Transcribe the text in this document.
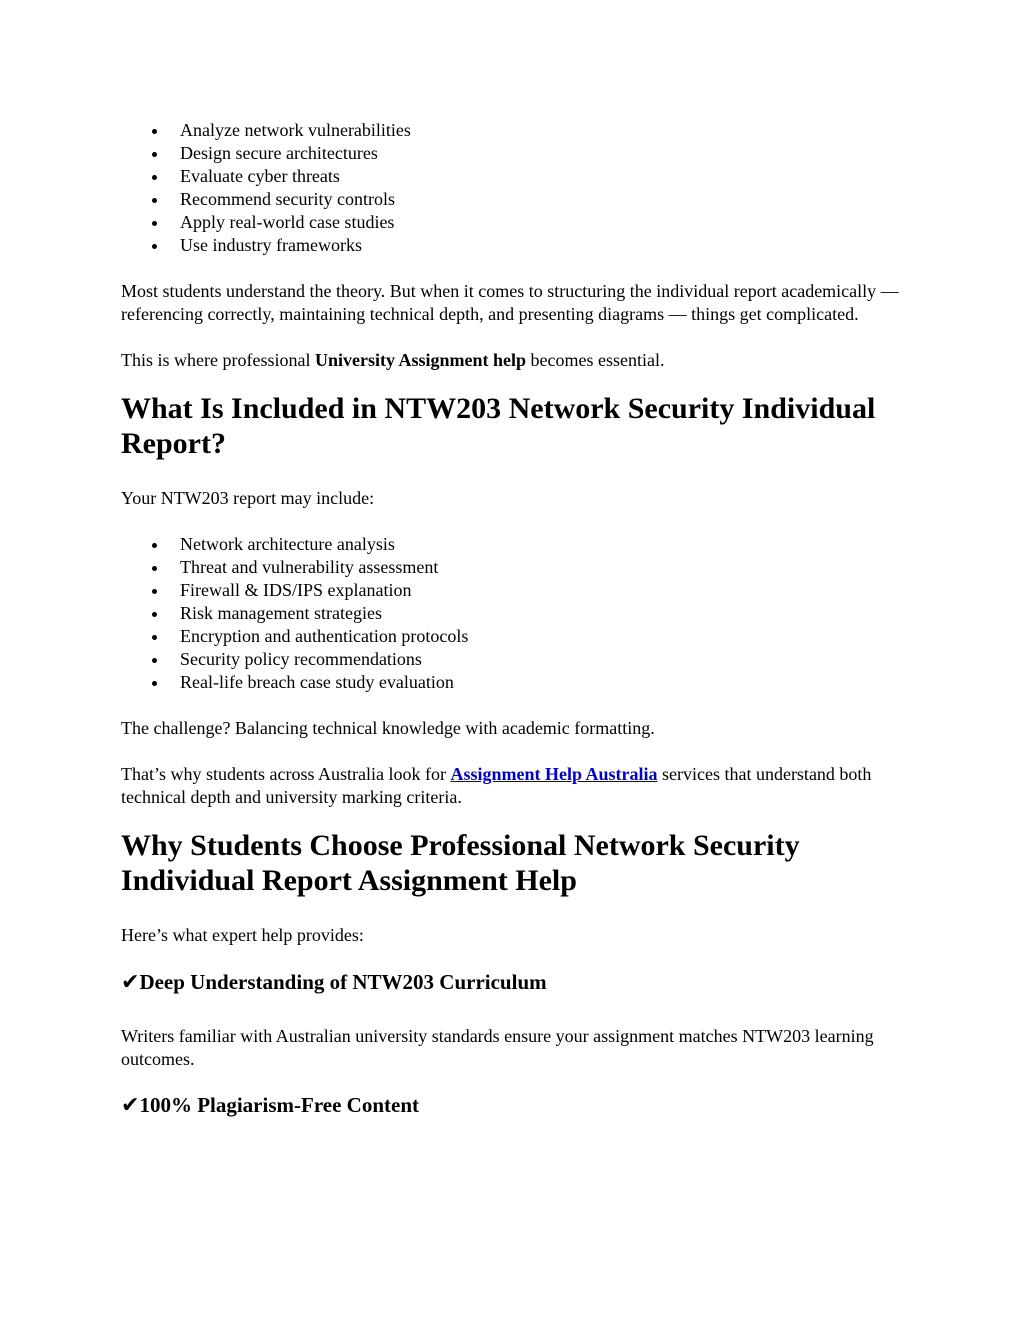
Analyze network vulnerabilities
Design secure architectures
Evaluate cyber threats
Recommend security controls
Apply real-world case studies
Use industry frameworks

Most students understand the theory. But when it comes to structuring the individual report academically — referencing correctly, maintaining technical depth, and presenting diagrams — things get complicated.

This is where professional University Assignment help becomes essential.

What Is Included in NTW203 Network Security Individual Report?

Your NTW203 report may include:

Network architecture analysis
Threat and vulnerability assessment
Firewall & IDS/IPS explanation
Risk management strategies
Encryption and authentication protocols
Security policy recommendations
Real-life breach case study evaluation

The challenge? Balancing technical knowledge with academic formatting.

That’s why students across Australia look for Assignment Help Australia services that understand both technical depth and university marking criteria.

Why Students Choose Professional Network Security Individual Report Assignment Help

Here’s what expert help provides:

✔Deep Understanding of NTW203 Curriculum

Writers familiar with Australian university standards ensure your assignment matches NTW203 learning outcomes.

✔100% Plagiarism-Free Content
